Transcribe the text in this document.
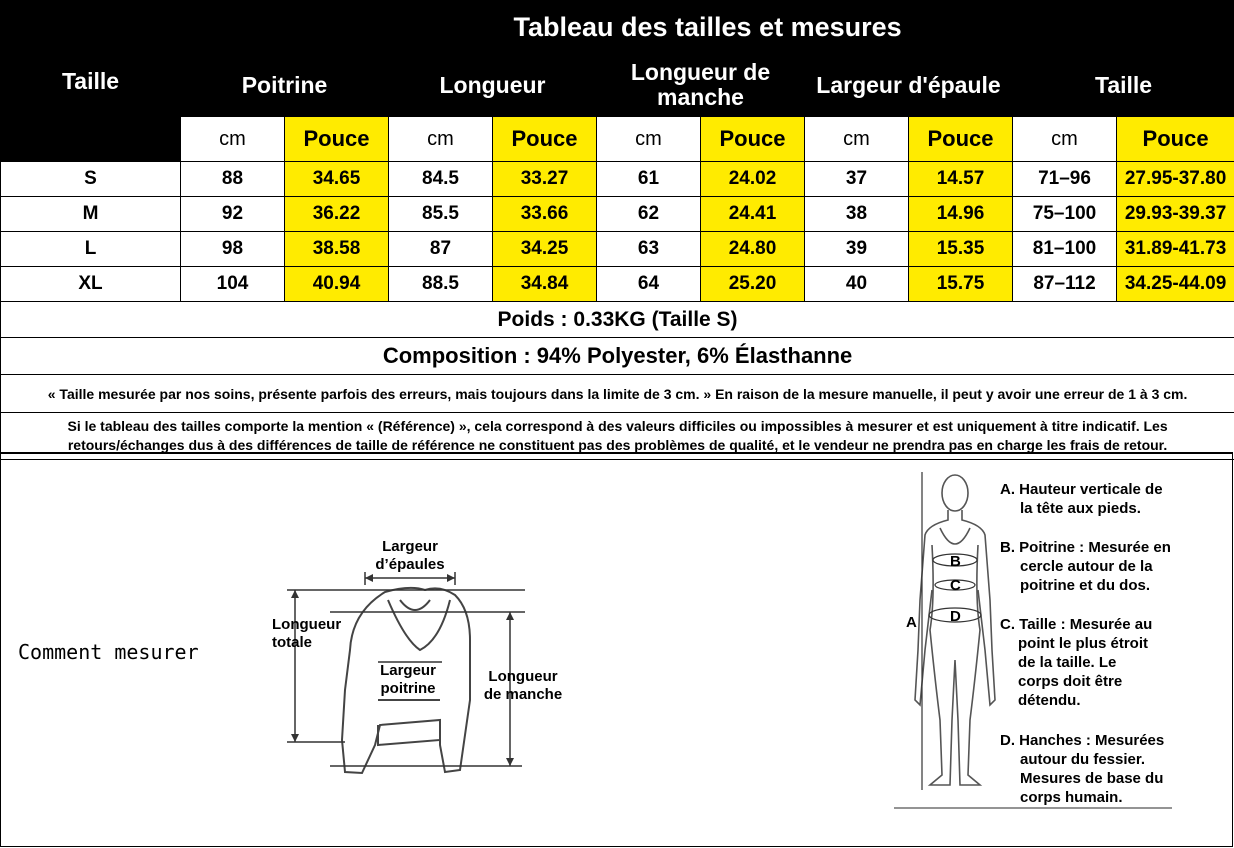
Taille	Tableau des tailles et mesures									
	Poitrine		Longueur		Longueur de manche		Largeur d'épaule		Taille	
	cm	Pouce	cm	Pouce	cm	Pouce	cm	Pouce	cm	Pouce
S	88	34.65	84.5	33.27	61	24.02	37	14.57	71–96	27.95-37.80
M	92	36.22	85.5	33.66	62	24.41	38	14.96	75–100	29.93-39.37
L	98	38.58	87	34.25	63	24.80	39	15.35	81–100	31.89-41.73
XL	104	40.94	88.5	34.84	64	25.20	40	15.75	87–112	34.25-44.09
Poids : 0.33KG (Taille S)										
Composition : 94% Polyester, 6% Élasthanne										
« Taille mesurée par nos soins, présente parfois des erreurs, mais toujours dans la limite de 3 cm. » En raison de la mesure manuelle, il peut y avoir une erreur de 1 à 3 cm.										

Si le tableau des tailles comporte la mention « (Référence) », cela correspond à des valeurs difficiles ou impossibles à mesurer et est uniquement à titre indicatif. Les
retours/échanges dus à des différences de taille de référence ne constituent pas des problèmes de qualité, et le vendeur ne prendra pas en charge les frais de retour.										
Comment mesurer
Largeur
d’épaules
Longueur
totale
Largeur
poitrine
Longueur
de manche
A
B
C
D
A. Hauteur verticale de
la tête aux pieds.
B. Poitrine : Mesurée en
cercle autour de la
poitrine et du dos.
C. Taille : Mesurée au
point le plus étroit
de la taille. Le
corps doit être
détendu.
D. Hanches : Mesurées
autour du fessier.
Mesures de base du
corps humain.
